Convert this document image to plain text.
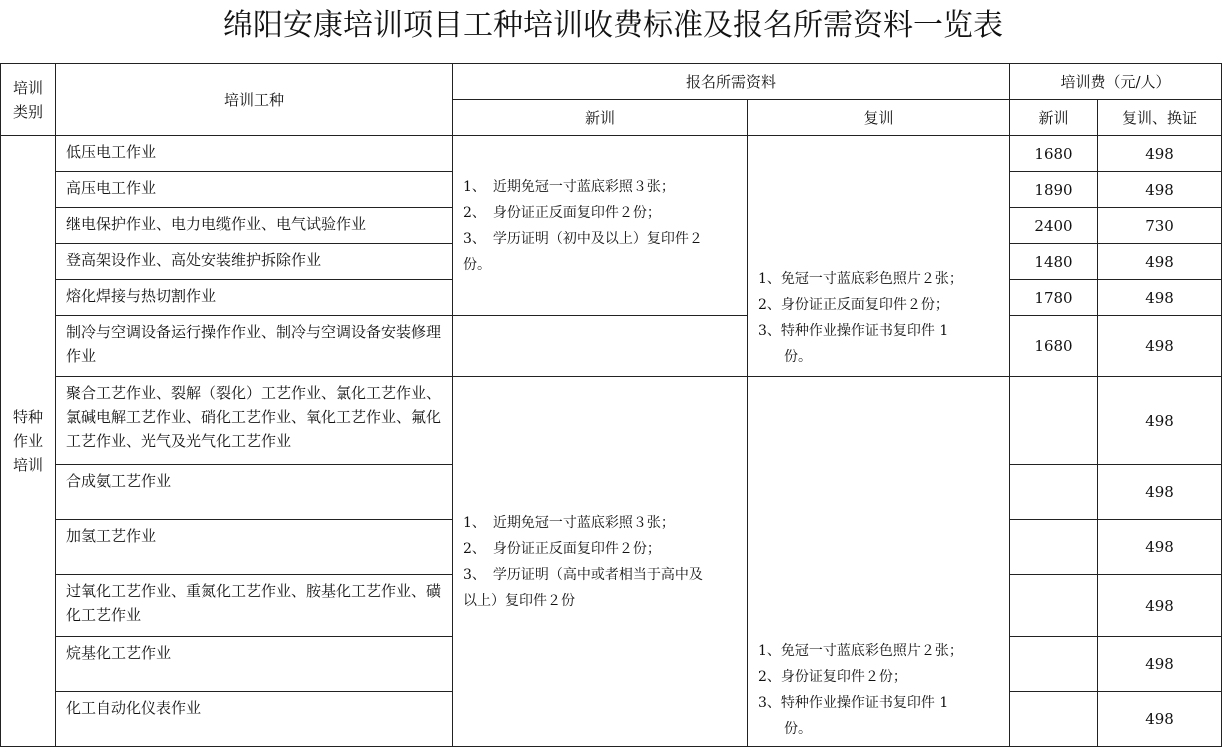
绵阳安康培训项目工种培训收费标准及报名所需资料一览表
培训
类别	培训工种	报名所需资料		培训费（元/人）	
		新训	复训	新训	复训、换证

特种
作业
培训	低压电工作业	1、　近期免冠一寸蓝底彩照３张；
2、　身份证正反面复印件２份；
3、　学历证明（初中及以上）复印件２
份。	1、免冠一寸蓝底彩色照片２张；
2、身份证正反面复印件２份；
3、特种作业操作证书复印件 1
份。	1680	498
	高压电工作业			1890	498
	继电保护作业、电力电缆作业、电气试验作业			2400	730
	登高架设作业、高处安装维护拆除作业			1480	498
	熔化焊接与热切割作业			1780	498
	制冷与空调设备运行操作作业、制冷与空调设备安装修理作业			1680	498
	聚合工艺作业、裂解（裂化）工艺作业、氯化工艺作业、氯碱电解工艺作业、硝化工艺作业、氧化工艺作业、氟化工艺作业、光气及光气化工艺作业	1、　近期免冠一寸蓝底彩照３张；
2、　身份证正反面复印件２份；
3、　学历证明（高中或者相当于高中及
以上）复印件２份	1、免冠一寸蓝底彩色照片２张；
2、身份证复印件２份；
3、特种作业操作证书复印件 1
份。		498
	合成氨工艺作业				498
	加氢工艺作业				498
	过氧化工艺作业、重氮化工艺作业、胺基化工艺作业、磺化工艺作业				498
	烷基化工艺作业				498
	化工自动化仪表作业				498
